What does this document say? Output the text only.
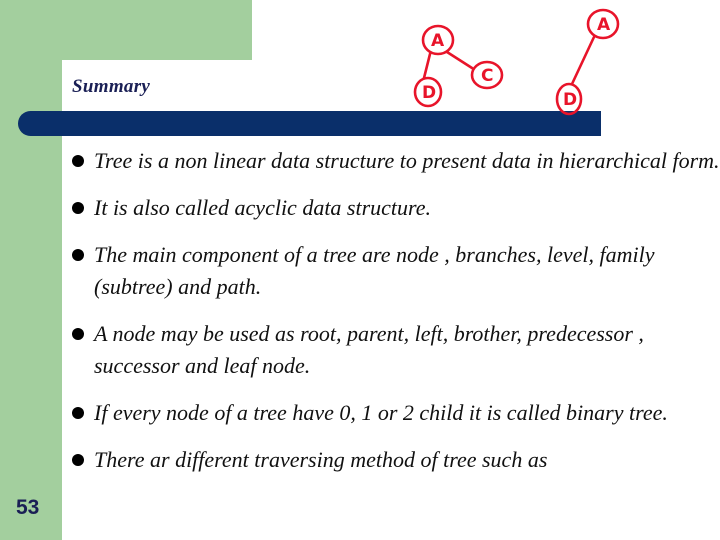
Summary
Tree is a non linear data structure to present data in hierarchical form.
It is also called acyclic data structure.
The main component of a tree are node , branches, level, family (subtree) and path.
A node may be used as root, parent, left, brother, predecessor , successor and leaf node.
If every node of a tree have 0, 1 or 2 child it is called binary tree.
There ar different traversing method of tree such as
53
A
D
C
A
D
